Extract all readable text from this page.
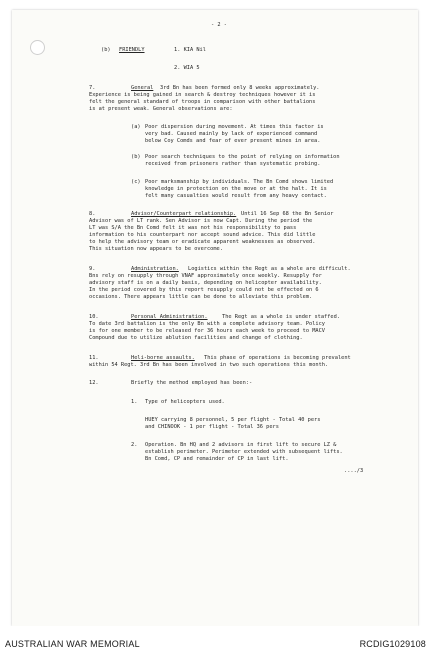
- 2 -
(b) FRIENDLY	1. KIA Nil
2. WIA 5
7.	General 3rd Bn has been formed only 8 weeks approximately.
Experience is being gained in search & destroy techniques however it is
felt the general standard of troops in comparison with other battalions
is at present weak. General observations are:
(a) Poor dispersion during movement. At times this factor is
very bad. Caused mainly by lack of experienced command
below Coy Comds and fear of ever present mines in area.
(b) Poor search techniques to the point of relying on information
received from prisoners rather than systematic probing.
(c) Poor marksmanship by individuals. The Bn Comd shows limited
knowledge in protection on the move or at the halt. It is
felt many casualties would result from any heavy contact.
8.	Advisor/Counterpart relationship. Until 16 Sep 68 the Bn Senior
Advisor was of LT rank. Sen Advisor is now Capt. During the period the
LT was S/A the Bn Comd felt it was not his responsibility to pass
information to his counterpart nor accept sound advice. This did little
to help the advisory team or eradicate apparent weaknesses as observed.
This situation now appears to be overcome.
9.	Administration. Logistics within the Regt as a whole are difficult.
Bns rely on resupply through VNAF approximately once weekly. Resupply for
advisory staff is on a daily basis, depending on helicopter availability.
In the period covered by this report resupply could not be effected on 6
occasions. There appears little can be done to alleviate this problem.
10.	Personal Administration.	The Regt as a whole is under staffed.
To date 3rd battalion is the only Bn with a complete advisory team. Policy
is for one member to be released for 36 hours each week to proceed to MACV
Compound due to utilize ablution facilities and change of clothing.
11.	Heli-borne assaults. This phase of operations is becoming prevalent
within 54 Regt. 3rd Bn has been involved in two such operations this month.
12.	Briefly the method employed has been:-
1. Type of helicopters used.
HUEY carrying 8 personnel, 5 per flight - Total 40 pers
and CHINOOK - 1 per flight - Total 36 pers
2. Operation. Bn HQ and 2 advisors in first lift to secure LZ &
establish perimeter. Perimeter extended with subsequent lifts.
Bn Comd, CP and remainder of CP in last lift.
..../3
AUSTRALIAN WAR MEMORIAL	RCDIG1029108
